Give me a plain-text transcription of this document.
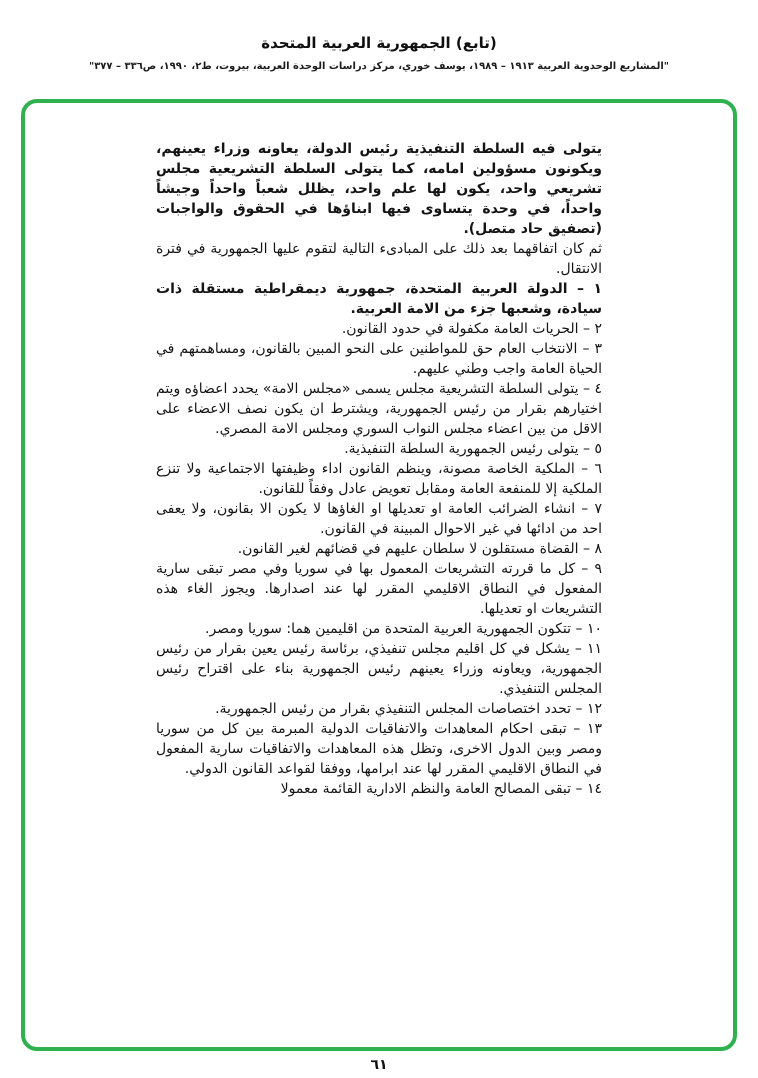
(تابع) الجمهورية العربية المتحدة
"المشاريع الوحدوية العربية ١٩١٣ – ١٩٨٩، يوسف خوري، مركز دراسات الوحدة العربية، بيروت، ط٢، ١٩٩٠، ص٣٣٦ – ٣٧٧"

يتولى فيه السلطة التنفيذية رئيس الدولة، يعاونه وزراء يعينهم، ويكونون مسؤولين امامه، كما يتولى السلطة التشريعية مجلس تشريعي واحد، يكون لها علم واحد، يظلل شعباً واحداً وجيشاً واحداً، في وحدة يتساوى فيها ابناؤها في الحقوق والواجبات (تصفيق حاد متصل).

ثم كان اتفاقهما بعد ذلك على المبادىء التالية لتقوم عليها الجمهورية في فترة الانتقال.

١ – الدولة العربية المتحدة، جمهورية ديمقراطية مستقلة ذات سيادة، وشعبها جزء من الامة العربية.

٢ – الحريات العامة مكفولة في حدود القانون.

٣ – الانتخاب العام حق للمواطنين على النحو المبين بالقانون، ومساهمتهم في الحياة العامة واجب وطني عليهم.

٤ – يتولى السلطة التشريعية مجلس يسمى «مجلس الامة» يحدد اعضاؤه ويتم اختيارهم بقرار من رئيس الجمهورية، ويشترط ان يكون نصف الاعضاء على الاقل من بين اعضاء مجلس النواب السوري ومجلس الامة المصري.

٥ – يتولى رئيس الجمهورية السلطة التنفيذية.

٦ – الملكية الخاصة مصونة، وينظم القانون اداء وظيفتها الاجتماعية ولا تنزع الملكية إلا للمنفعة العامة ومقابل تعويض عادل وفقاً للقانون.

٧ – انشاء الضرائب العامة او تعديلها او الغاؤها لا يكون الا بقانون، ولا يعفى احد من ادائها في غير الاحوال المبينة في القانون.

٨ – القضاة مستقلون لا سلطان عليهم في قضائهم لغير القانون.

٩ – كل ما قررته التشريعات المعمول بها في سوريا وفي مصر تبقى سارية المفعول في النطاق الاقليمي المقرر لها عند اصدارها. ويجوز الغاء هذه التشريعات او تعديلها.

١٠ – تتكون الجمهورية العربية المتحدة من اقليمين هما: سوريا ومصر.

١١ – يشكل في كل اقليم مجلس تنفيذي، برئاسة رئيس يعين بقرار من رئيس الجمهورية، ويعاونه وزراء يعينهم رئيس الجمهورية بناء على اقتراح رئيس المجلس التنفيذي.

١٢ – تحدد اختصاصات المجلس التنفيذي بقرار من رئيس الجمهورية.

١٣ – تبقى احكام المعاهدات والاتفاقيات الدولية المبرمة بين كل من سوريا ومصر وبين الدول الاخرى، وتظل هذه المعاهدات والاتفاقيات سارية المفعول في النطاق الاقليمي المقرر لها عند ابرامها، ووفقا لقواعد القانون الدولي.

١٤ – تبقى المصالح العامة والنظم الادارية القائمة معمولا

٦١
